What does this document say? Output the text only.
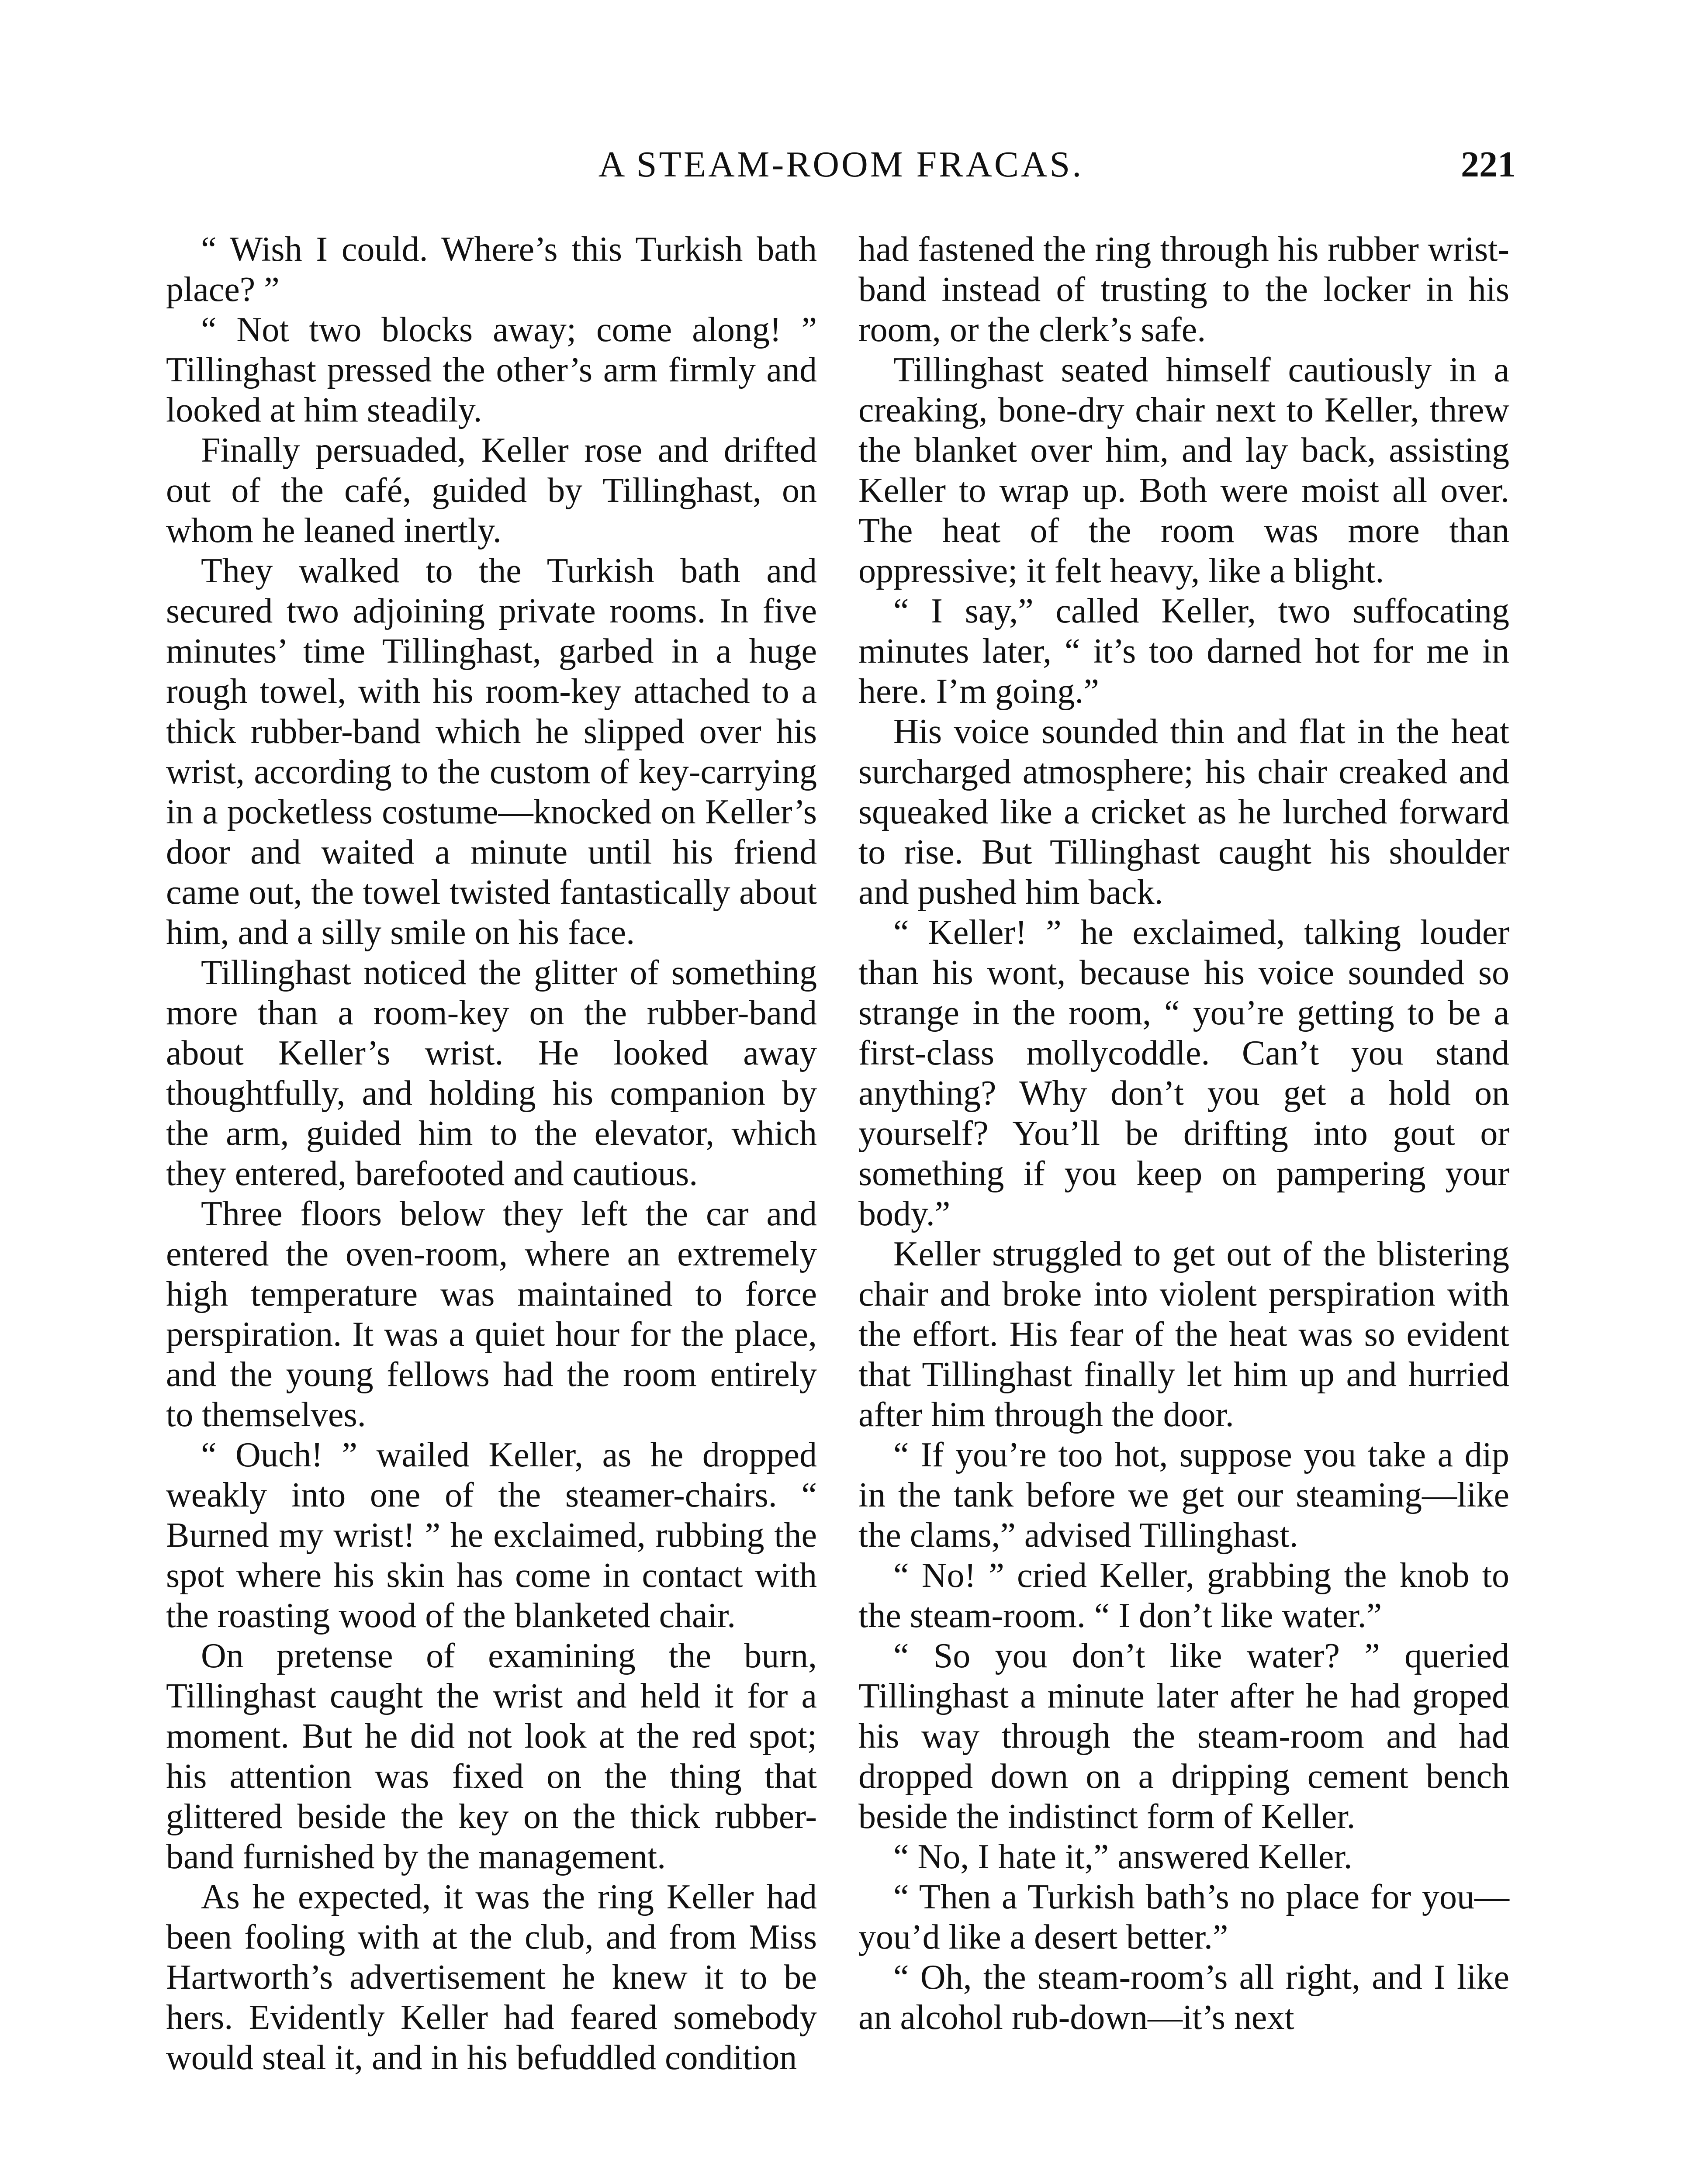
A STEAM-ROOM FRACAS.	221

“ Wish I could. Where’s this Turkish bath place? ”

“ Not two blocks away; come along! ” Tillinghast pressed the other’s arm firmly and looked at him steadily.

Finally persuaded, Keller rose and drifted out of the café, guided by Tillinghast, on whom he leaned inertly.

They walked to the Turkish bath and secured two adjoining private rooms. In five minutes’ time Tillinghast, garbed in a huge rough towel, with his room-key attached to a thick rubber-band which he slipped over his wrist, according to the custom of key-carrying in a pocketless costume—knocked on Keller’s door and waited a minute until his friend came out, the towel twisted fantastically about him, and a silly smile on his face.

Tillinghast noticed the glitter of something more than a room-key on the rubber-band about Keller’s wrist. He looked away thoughtfully, and holding his companion by the arm, guided him to the elevator, which they entered, barefooted and cautious.

Three floors below they left the car and entered the oven-room, where an extremely high temperature was maintained to force perspiration. It was a quiet hour for the place, and the young fellows had the room entirely to themselves.

“ Ouch! ” wailed Keller, as he dropped weakly into one of the steamer-chairs. “ Burned my wrist! ” he exclaimed, rubbing the spot where his skin has come in contact with the roasting wood of the blanketed chair.

On pretense of examining the burn, Tillinghast caught the wrist and held it for a moment. But he did not look at the red spot; his attention was fixed on the thing that glittered beside the key on the thick rubber-band furnished by the management.

As he expected, it was the ring Keller had been fooling with at the club, and from Miss Hartworth’s advertisement he knew it to be hers. Evidently Keller had feared somebody would steal it, and in his befuddled condition

had fastened the ring through his rubber wrist-band instead of trusting to the locker in his room, or the clerk’s safe.

Tillinghast seated himself cautiously in a creaking, bone-dry chair next to Keller, threw the blanket over him, and lay back, assisting Keller to wrap up. Both were moist all over. The heat of the room was more than oppressive; it felt heavy, like a blight.

“ I say,” called Keller, two suffocating minutes later, “ it’s too darned hot for me in here. I’m going.”

His voice sounded thin and flat in the heat surcharged atmosphere; his chair creaked and squeaked like a cricket as he lurched forward to rise. But Tillinghast caught his shoulder and pushed him back.

“ Keller! ” he exclaimed, talking louder than his wont, because his voice sounded so strange in the room, “ you’re getting to be a first-class mollycoddle. Can’t you stand anything? Why don’t you get a hold on yourself? You’ll be drifting into gout or something if you keep on pampering your body.”

Keller struggled to get out of the blistering chair and broke into violent perspiration with the effort. His fear of the heat was so evident that Tillinghast finally let him up and hurried after him through the door.

“ If you’re too hot, suppose you take a dip in the tank before we get our steaming—like the clams,” advised Tillinghast.

“ No! ” cried Keller, grabbing the knob to the steam-room. “ I don’t like water.”

“ So you don’t like water? ” queried Tillinghast a minute later after he had groped his way through the steam-room and had dropped down on a dripping cement bench beside the indistinct form of Keller.

“ No, I hate it,” answered Keller.

“ Then a Turkish bath’s no place for you—you’d like a desert better.”

“ Oh, the steam-room’s all right, and I like an alcohol rub-down—it’s next
